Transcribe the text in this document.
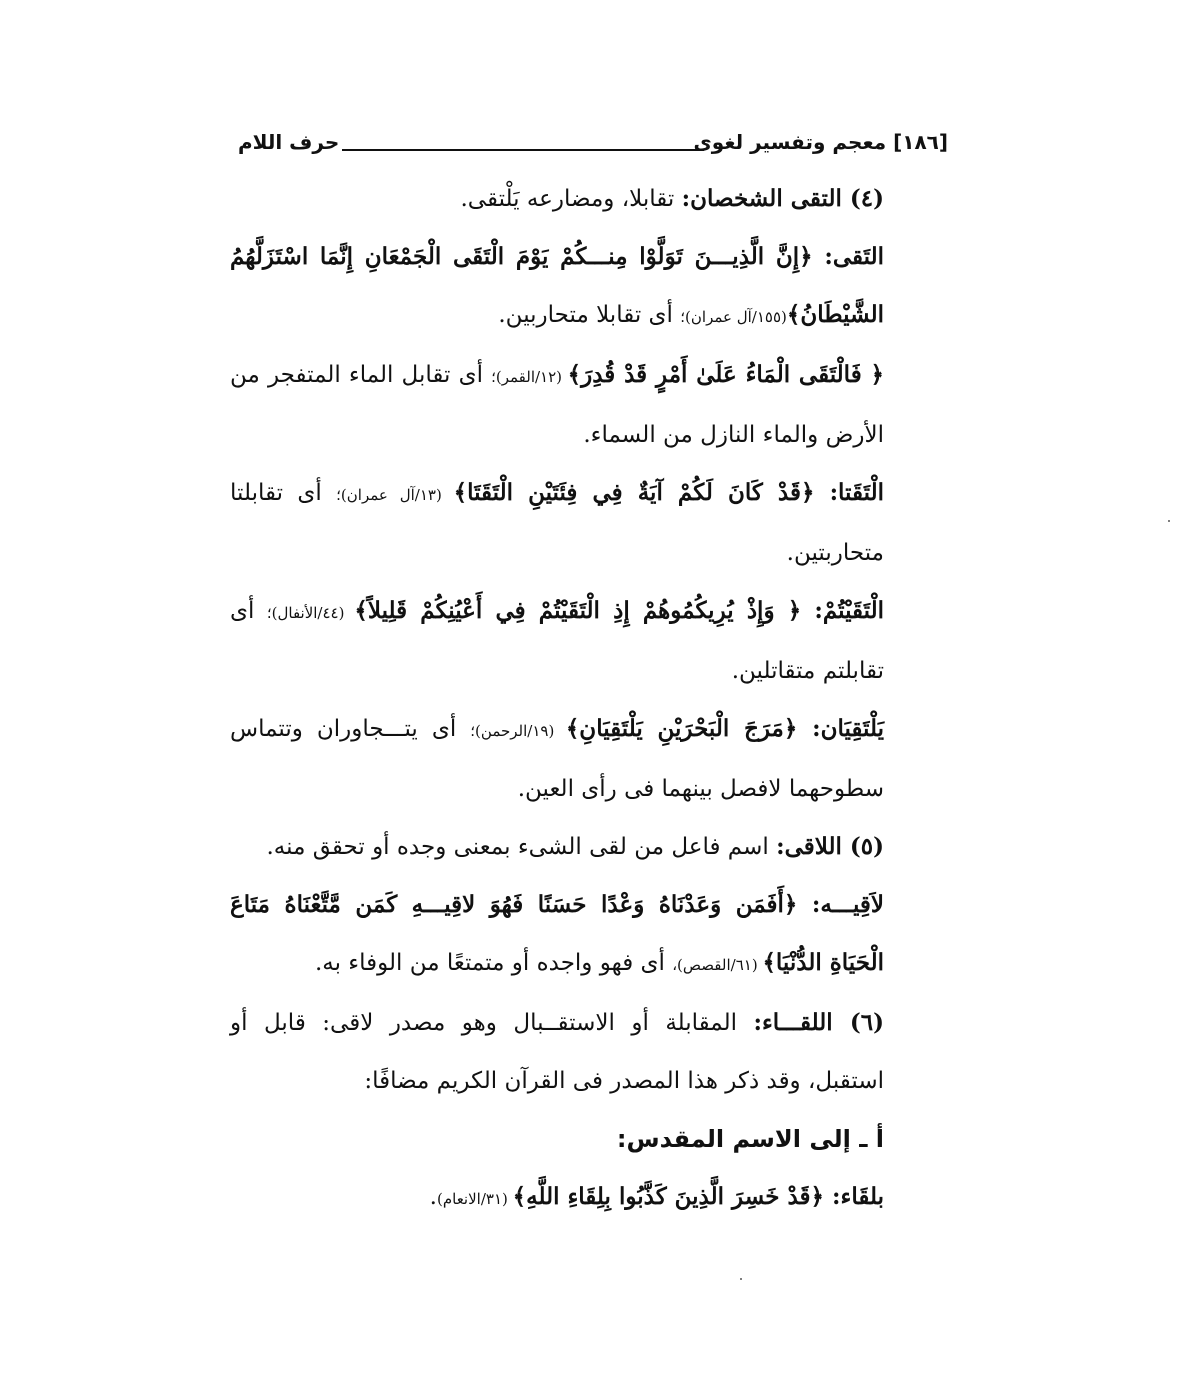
[١٨٦] معجم وتفسير لغوى
حرف اللام

(٤) التقى الشخصان: تقابلا، ومضارعه يَلْتقى.

التَقى: ﴿إِنَّ الَّذِيـــنَ تَوَلَّوْا مِنـــكُمْ يَوْمَ الْتَقَى الْجَمْعَانِ إِنَّمَا اسْتَزَلَّهُمُ الشَّيْطَانُ﴾(١٥٥/آل عمران)؛ أى تقابلا متحاربين.

﴿ فَالْتَقَى الْمَاءُ عَلَىٰ أَمْرٍ قَدْ قُدِرَ﴾ (١٢/القمر)؛ أى تقابل الماء المتفجر من الأرض والماء النازل من السماء.

الْتَقَتا: ﴿قَدْ كَانَ لَكُمْ آيَةٌ فِي فِئَتَيْنِ الْتَقَتَا﴾ (١٣/آل عمران)؛ أى تقابلتا متحاربتين.

الْتَقَيْتُمْ: ﴿ وَإِذْ يُرِيكُمُوهُمْ إِذِ الْتَقَيْتُمْ فِي أَعْيُنِكُمْ قَلِيلاً﴾ (٤٤/الأنفال)؛ أى تقابلتم متقاتلين.

يَلْتَقِيَان: ﴿مَرَجَ الْبَحْرَيْنِ يَلْتَقِيَانِ﴾ (١٩/الرحمن)؛ أى يتـــجاوران وتتماس سطوحهما لافصل بينهما فى رأى العين.

(٥) اللاقى: اسم فاعل من لقى الشىء بمعنى وجده أو تحقق منه.

لاَقِيـــه: ﴿أَفَمَن وَعَدْنَاهُ وَعْدًا حَسَنًا فَهُوَ لاقِيـــهِ كَمَن مَّتَّعْنَاهُ مَتَاعَ الْحَيَاةِ الدُّنْيَا﴾ (٦١/القصص)، أى فهو واجده أو متمتعًا من الوفاء به.

(٦) اللقـــاء: المقابلة أو الاستقــبال وهو مصدر لاقى: قابل أو استقبل، وقد ذكر هذا المصدر فى القرآن الكريم مضافًا:

أ ـ إلى الاسم المقدس:

بلقَاء: ﴿قَدْ خَسِرَ الَّذِينَ كَذَّبُوا بِلِقَاءِ اللَّهِ﴾ (٣١/الانعام).
